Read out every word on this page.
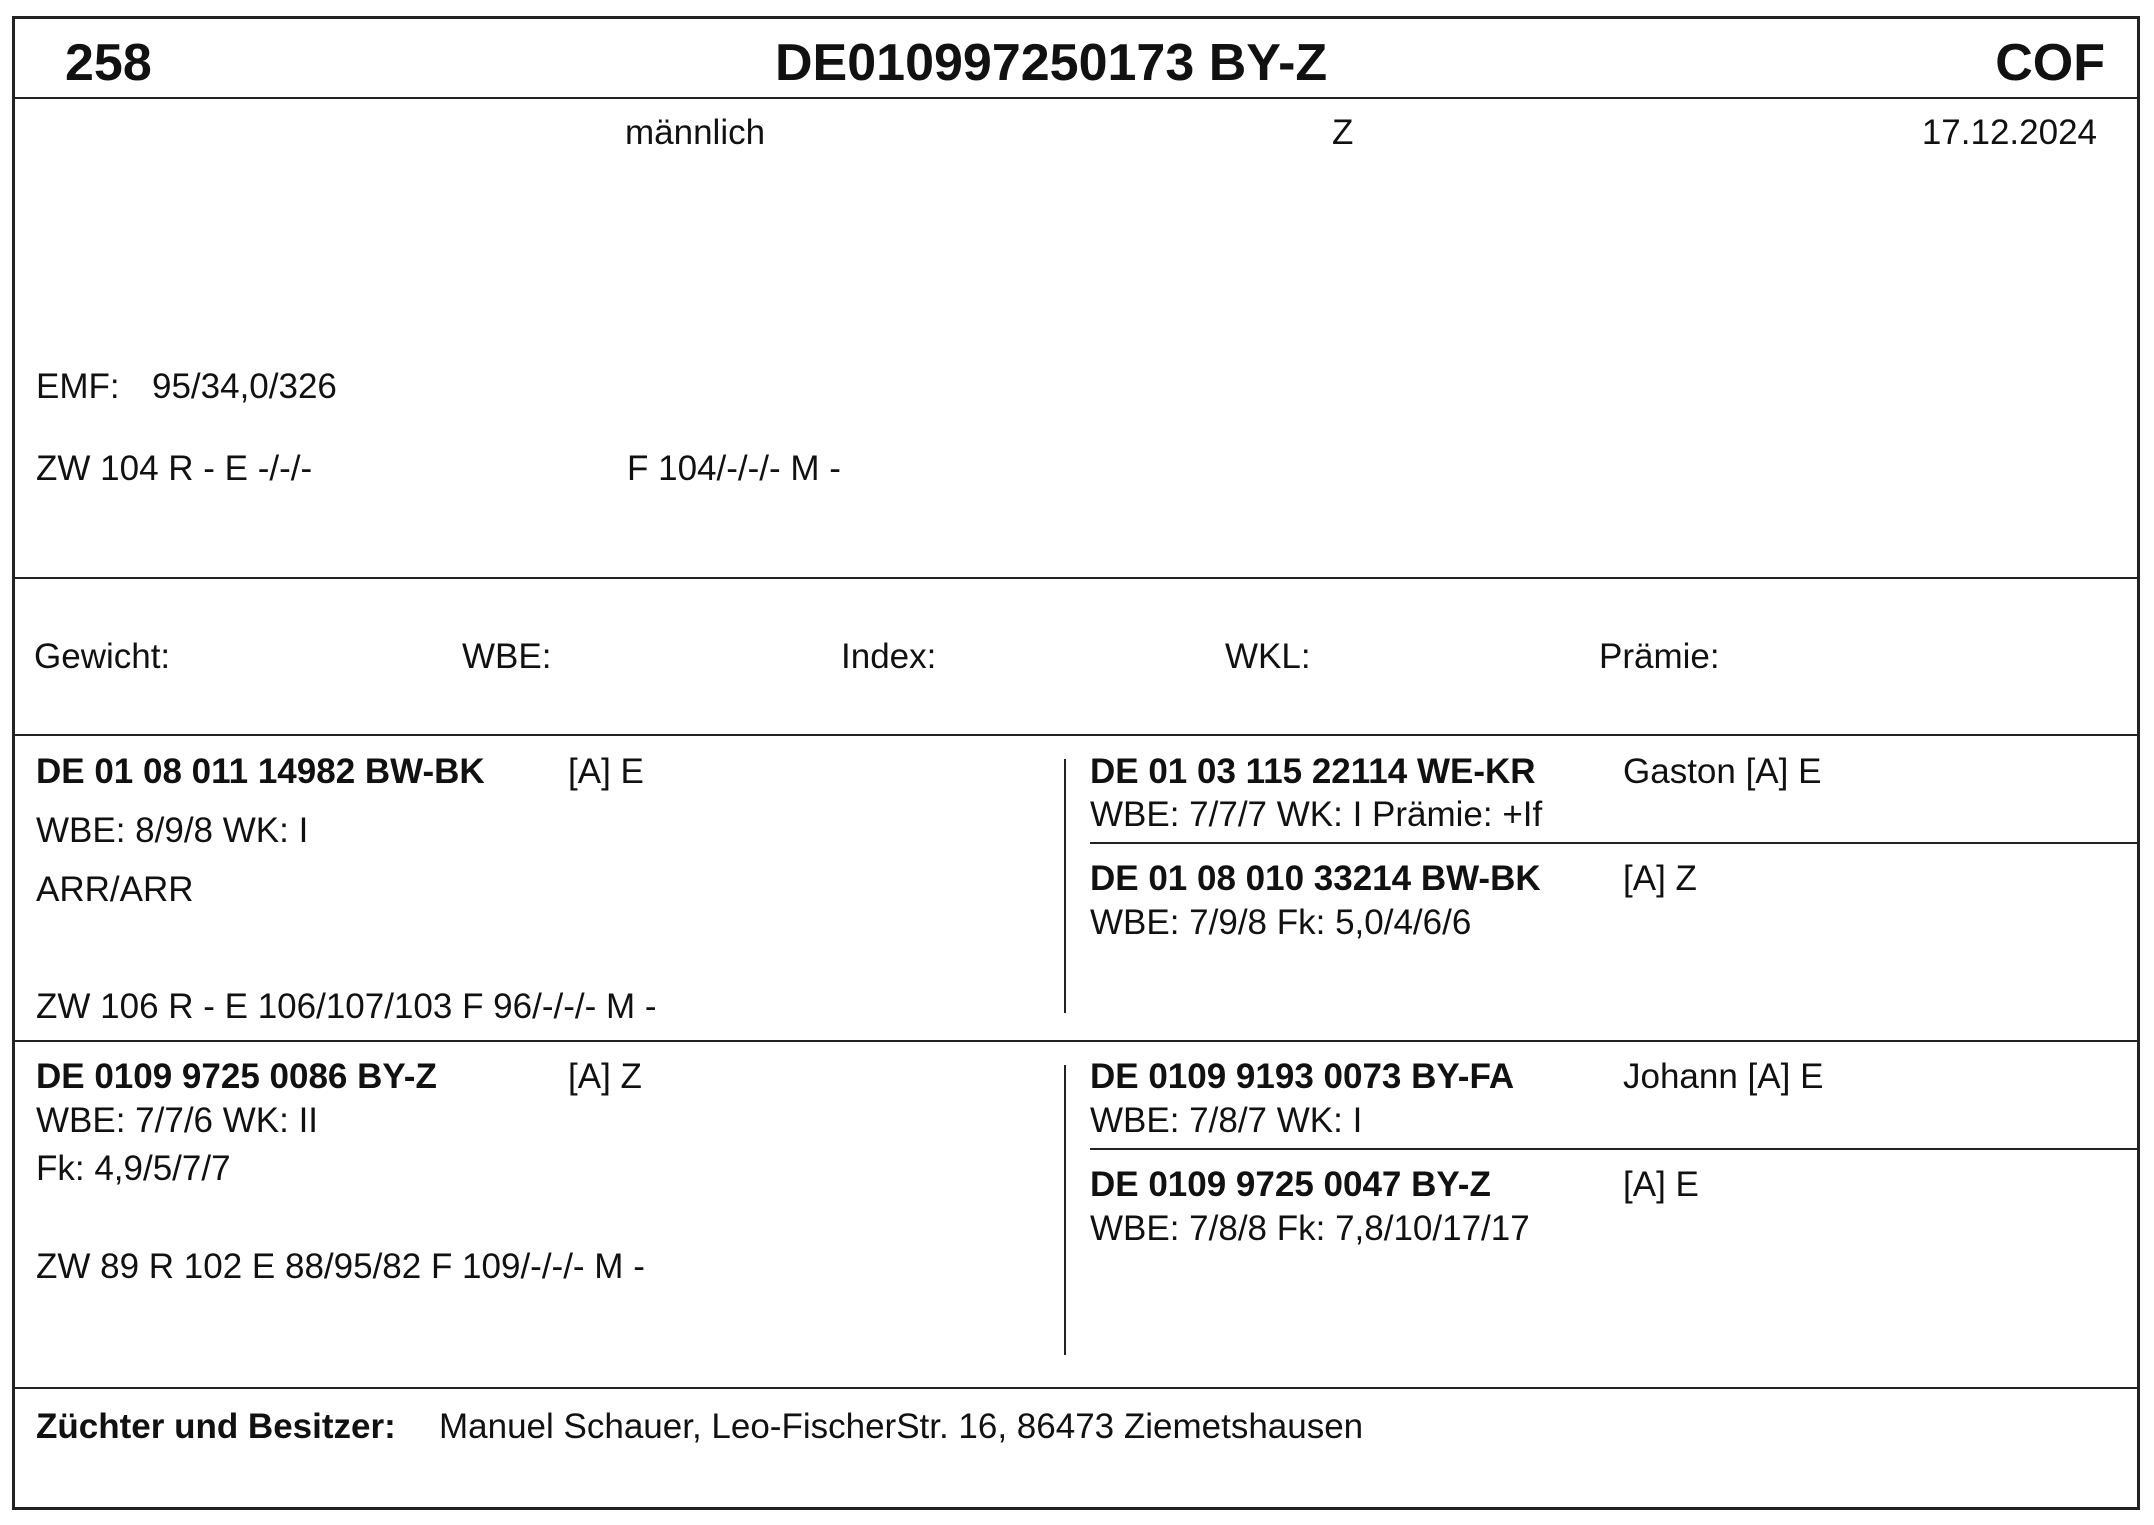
258	DE010997250173 BY-Z	COF
männlich	Z	17.12.2024
EMF: 95/34,0/326
ZW 104 R - E -/-/-	F 104/-/-/- M -
Gewicht:	WBE:	Index:	WKL:	Prämie:
DE 01 08 011 14982 BW-BK [A] E
WBE: 8/9/8 WK: I
ARR/ARR
ZW 106 R - E 106/107/103 F 96/-/-/- M -
DE 01 03 115 22114 WE-KR Gaston [A] E
WBE: 7/7/7 WK: I Prämie: +If
DE 01 08 010 33214 BW-BK [A] Z
WBE: 7/9/8 Fk: 5,0/4/6/6
DE 0109 9725 0086 BY-Z	[A] Z
WBE: 7/7/6 WK: II
Fk: 4,9/5/7/7
ZW 89 R 102 E 88/95/82 F 109/-/-/- M -
DE 0109 9193 0073 BY-FA	Johann [A] E
WBE: 7/8/7 WK: I
DE 0109 9725 0047 BY-Z	[A] E
WBE: 7/8/8 Fk: 7,8/10/17/17
Züchter und Besitzer: Manuel Schauer, Leo-FischerStr. 16, 86473 Ziemetshausen
